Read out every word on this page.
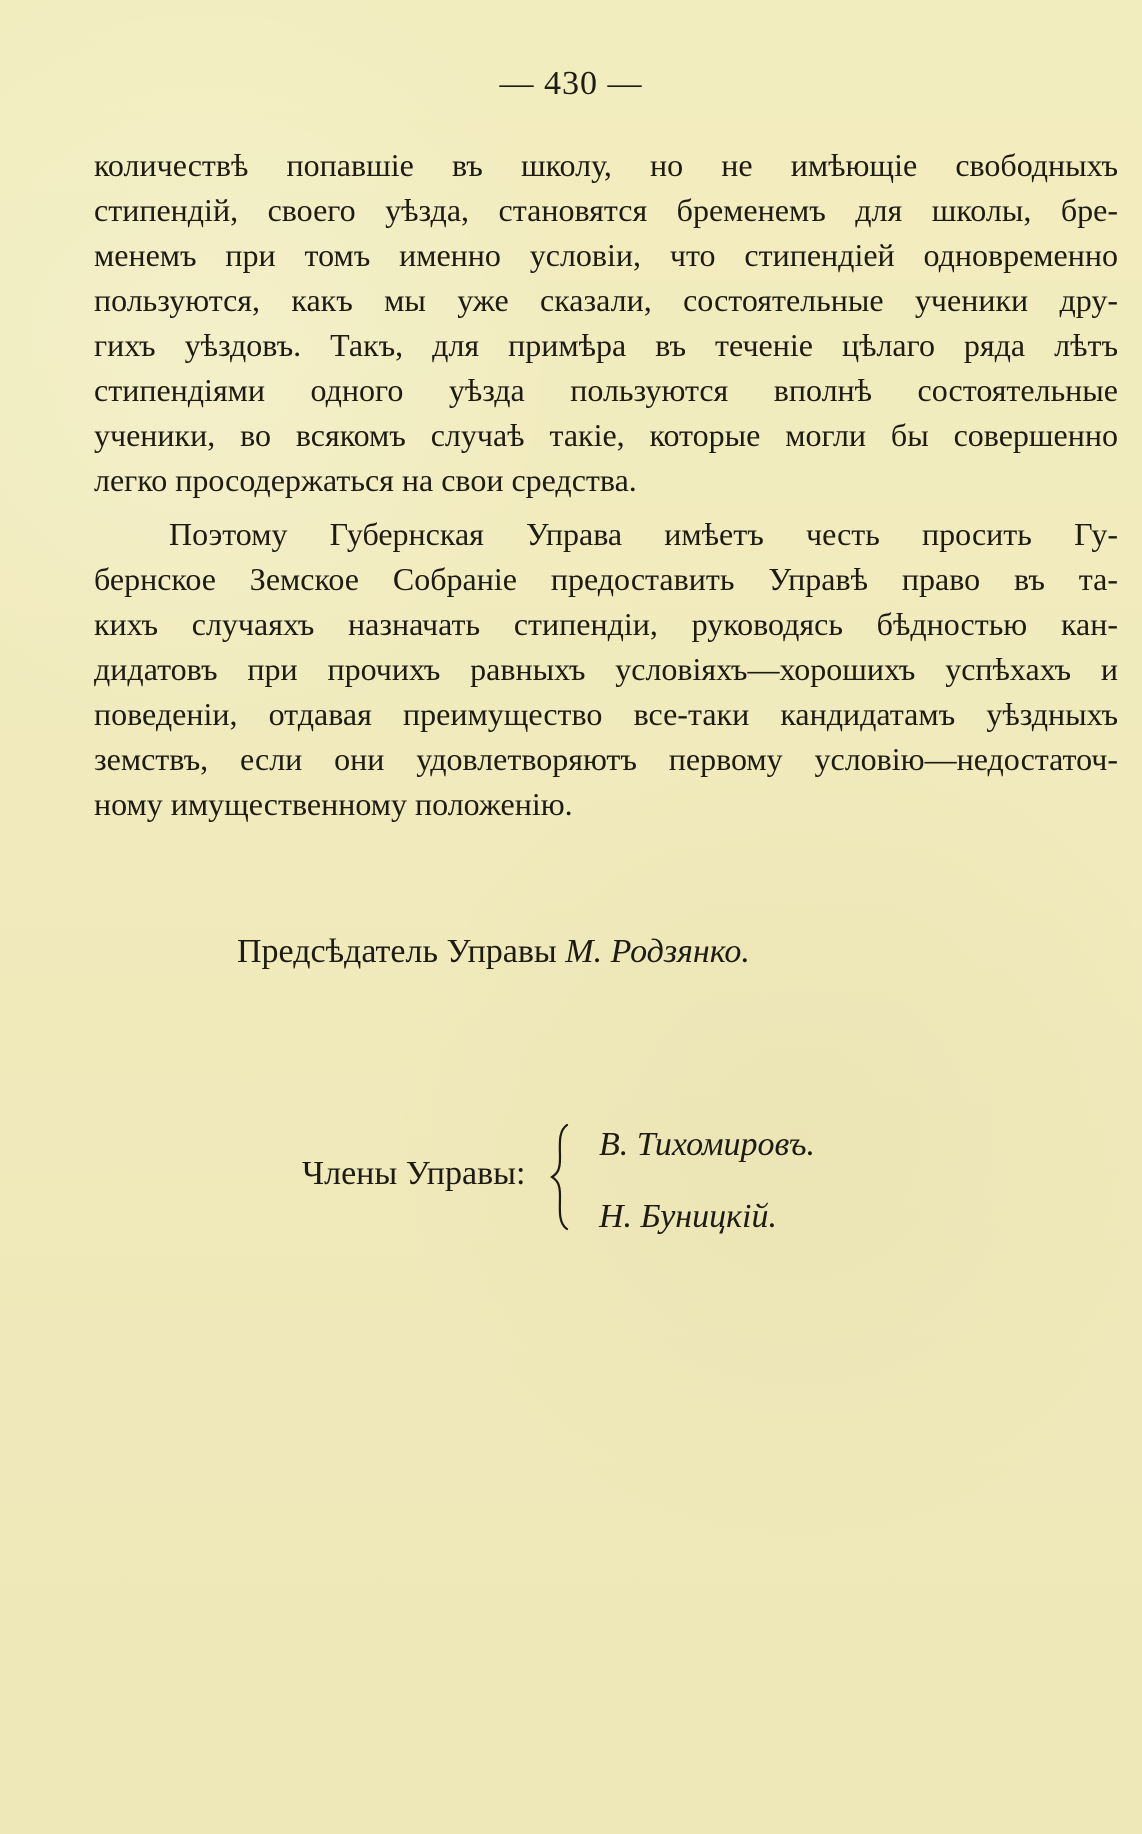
— 430 —
количествѣ попавшiе въ школу, но не имѣющiе свободныхъ
стипендiй, своего уѣзда, становятся бременемъ для школы, бре-
менемъ при томъ именно условiи, что стипендiей одновременно
пользуются, какъ мы уже сказали, состоятельные ученики дру-
гихъ уѣздовъ. Такъ, для примѣра въ теченiе цѣлаго ряда лѣтъ
стипендiями одного уѣзда пользуются вполнѣ состоятельные
ученики, во всякомъ случаѣ такiе, которые могли бы совершенно
легко просодержаться на свои средства.
Поэтому Губернская Управа имѣетъ честь просить Гу-
бернское Земское Собранiе предоставить Управѣ право въ та-
кихъ случаяхъ назначать стипендiи, руководясь бѣдностью кан-
дидатовъ при прочихъ равныхъ условiяхъ—хорошихъ успѣхахъ и
поведенiи, отдавая преимущество все-таки кандидатамъ уѣздныхъ
земствъ, если они удовлетворяютъ первому условiю—недостаточ-
ному имущественному положенiю.
Предсѣдатель Управы М. Родзянко.
Члены Управы:
В. Тихомировъ.
Н. Буницкiй.
